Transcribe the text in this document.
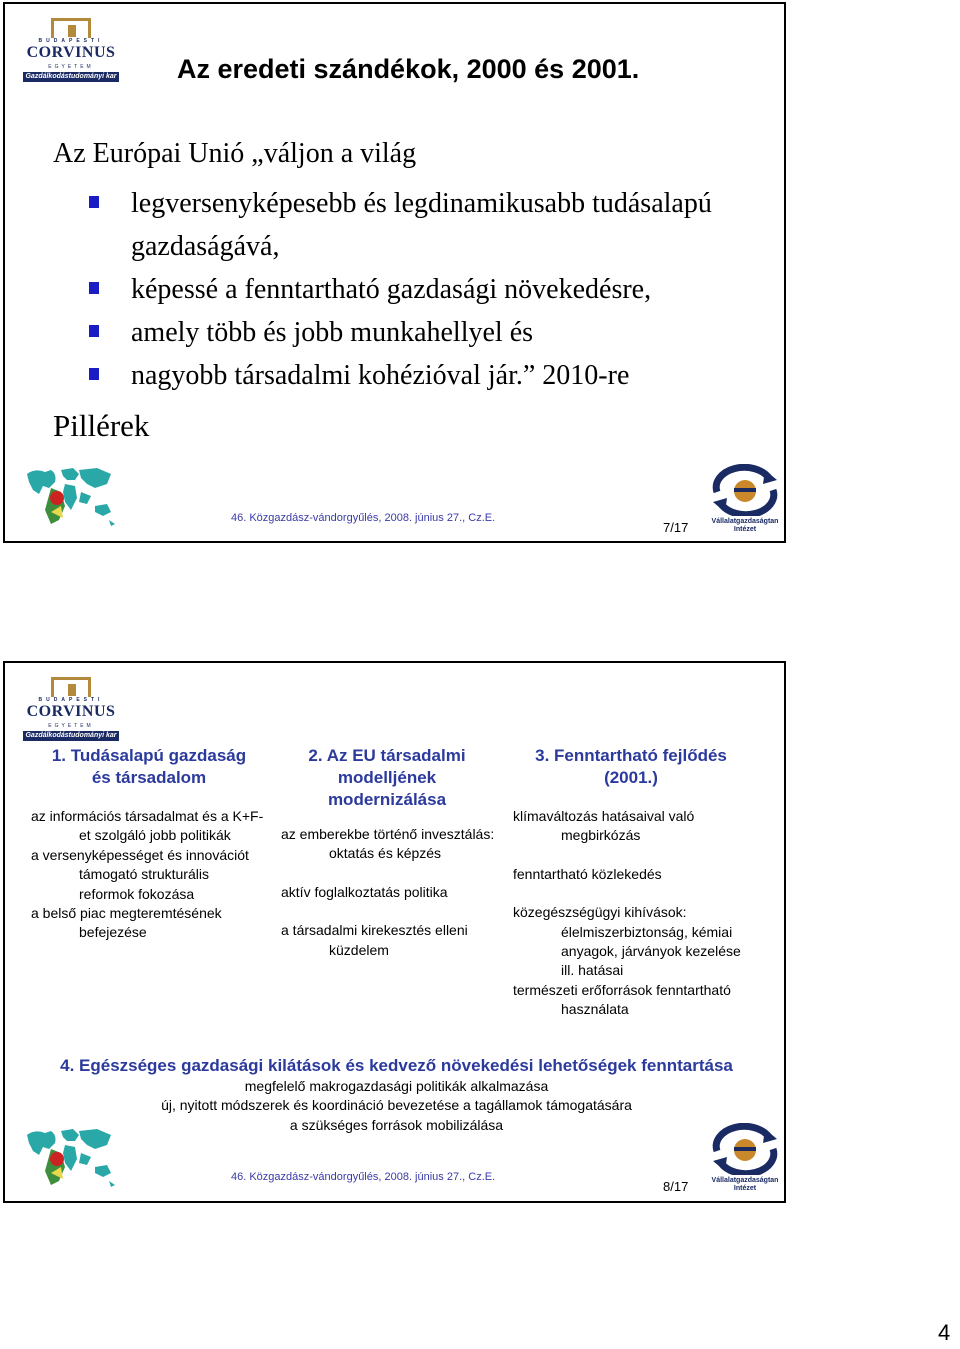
BUDAPESTI
CORVINUS
EGYETEM
Gazdálkodástudományi kar Az eredeti szándékok, 2000 és 2001.
Az Európai Unió „váljon a világ
legversenyképesebb és legdinamikusabb tudásalapú gazdaságává,
képessé a fenntartható gazdasági növekedésre,
amely több és jobb munkahellyel és
nagyobb társadalmi kohézióval jár.” 2010-re
Pillérek
46. Közgazdász-vándorgyűlés, 2008. június 27., Cz.E.
7/17	Vállalatgazdaságtan
Intézet
BUDAPESTI
CORVINUS
EGYETEM
Gazdálkodástudományi kar
1. Tudásalapú gazdaság
és társadalom
az információs társadalmat és a K+F-et szolgáló jobb politikák
a versenyképességet és innovációt támogató strukturális reformok fokozása
a belső piac megteremtésének befejezése
2. Az EU társadalmi
modelljének
modernizálása
az emberekbe történő invesztálás: oktatás és képzés
aktív foglalkoztatás politika
a társadalmi kirekesztés elleni küzdelem
3. Fenntartható fejlődés
(2001.)
klímaváltozás hatásaival való megbirkózás
fenntartható közlekedés
közegészségügyi kihívások: élelmiszerbiztonság, kémiai anyagok, járványok kezelése ill. hatásai
természeti erőforrások fenntartható használata
4. Egészséges gazdasági kilátások és kedvező növekedési lehetőségek fenntartása
megfelelő makrogazdasági politikák alkalmazása
új, nyitott módszerek és koordináció bevezetése a tagállamok támogatására
a szükséges források mobilizálása
46. Közgazdász-vándorgyűlés, 2008. június 27., Cz.E.
8/17	Vállalatgazdaságtan
Intézet
4
